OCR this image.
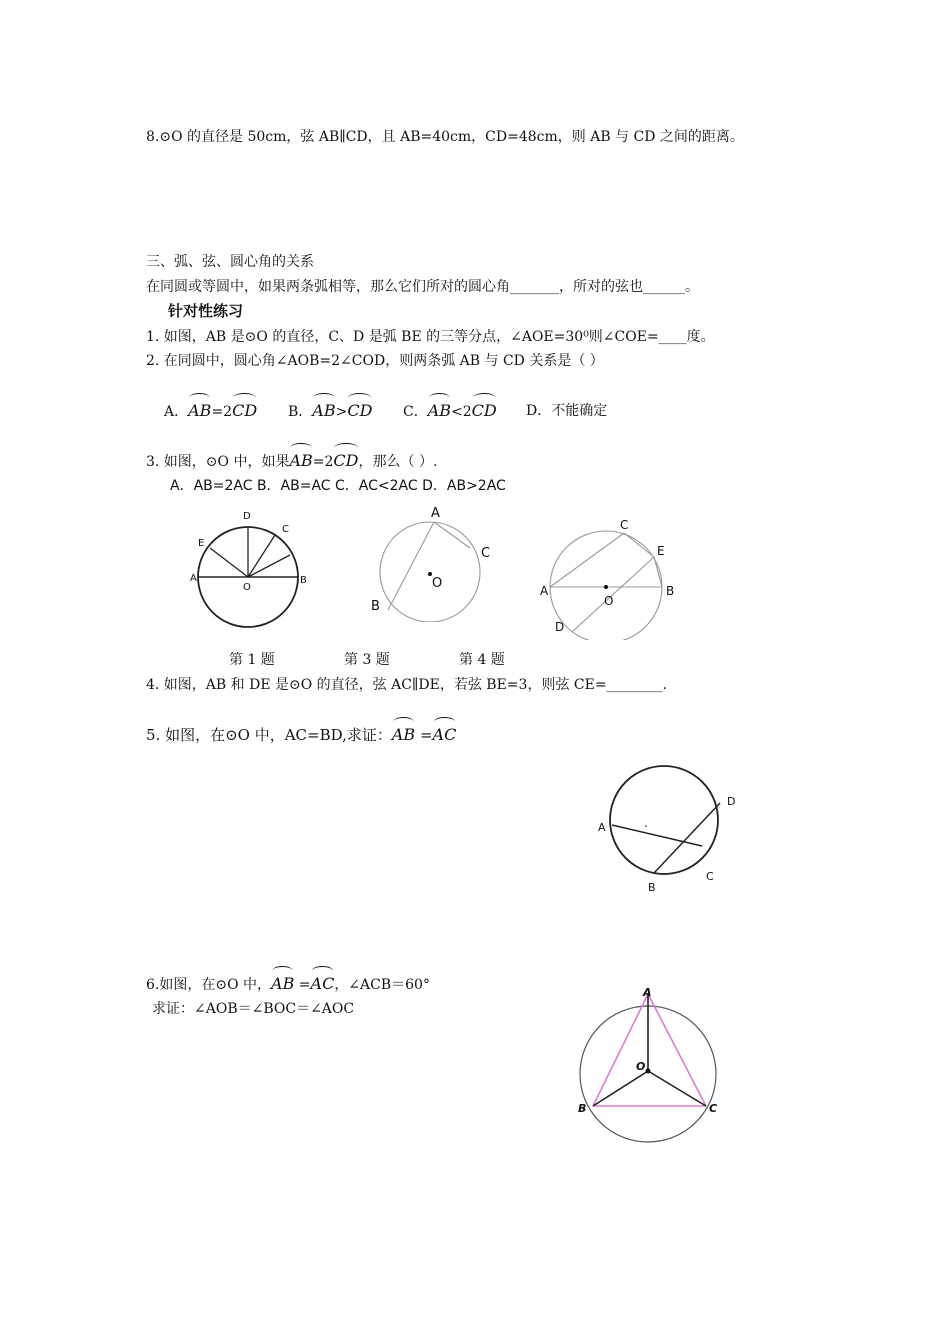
8.⊙O 的直径是 50cm，弦 AB∥CD，且 AB=40cm，CD=48cm，则 AB 与 CD 之间的距离。
三、弧、弦、圆心角的关系
在同圆或等圆中，如果两条弧相等，那么它们所对的圆心角_______，所对的弦也______。
针对性练习
1. 如图，AB 是⊙O 的直径，C、D 是弧 BE 的三等分点，∠AOE=30⁰则∠COE=____度。
2. 在同圆中，圆心角∠AOB=2∠COD，则两条弧 AB 与 CD 关系是（ ）
A．AB=2CD B．AB>CD C．AB<2CD D．不能确定
3. 如图，⊙O 中，如果AB=2CD，那么（ ）.
A．AB=2AC B．AB=AC C．AC<2AC D．AB>2AC
D
C
E
A
O
B
A
C
O
B
C
E
A
O
B
D
第 1 题	第 3 题	第 4 题
4. 如图，AB 和 DE 是⊙O 的直径，弦 AC∥DE，若弦 BE=3，则弦 CE=________.
5. 如图，在⊙O 中，AC=BD,求证：AB =AC
D
A
B
C
6.如图，在⊙O 中，AB =AC，∠ACB＝60°
求证：∠AOB＝∠BOC＝∠AOC
A
O
B	C
